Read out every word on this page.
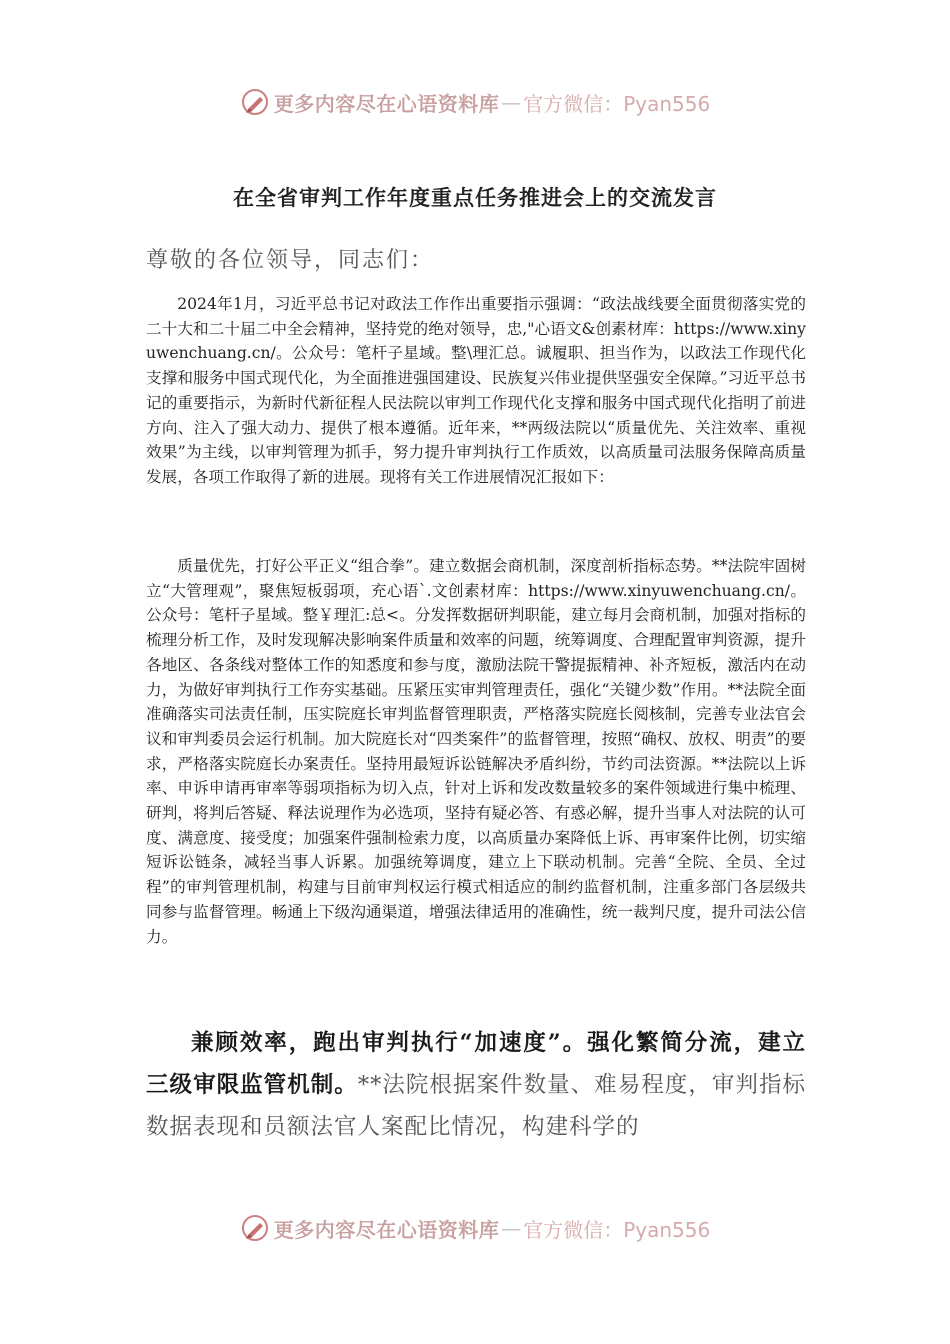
更多内容尽在心语资料库 — 官方微信：Pyan556
在全省审判工作年度重点任务推进会上的交流发言
尊敬的各位领导，同志们：

2024年1月，习近平总书记对政法工作作出重要指示强调：“政法战线要全面贯彻落实党的二十大和二十届二中全会精神，坚持党的绝对领导，忠,"心语文&创素材库：https://www.xinyuwenchuang.cn/。公众号：笔杆子星域。整\理汇总。诚履职、担当作为，以政法工作现代化支撑和服务中国式现代化，为全面推进强国建设、民族复兴伟业提供坚强安全保障。”习近平总书记的重要指示，为新时代新征程人民法院以审判工作现代化支撑和服务中国式现代化指明了前进方向、注入了强大动力、提供了根本遵循。近年来，**两级法院以“质量优先、关注效率、重视效果”为主线，以审判管理为抓手，努力提升审判执行工作质效，以高质量司法服务保障高质量发展，各项工作取得了新的进展。现将有关工作进展情况汇报如下：

质量优先，打好公平正义“组合拳”。建立数据会商机制，深度剖析指标态势。**法院牢固树立“大管理观”，聚焦短板弱项，充心语`.文创素材库：https://www.xinyuwenchuang.cn/。公众号：笔杆子星域。整￥理汇:总<。分发挥数据研判职能，建立每月会商机制，加强对指标的梳理分析工作，及时发现解决影响案件质量和效率的问题，统筹调度、合理配置审判资源，提升各地区、各条线对整体工作的知悉度和参与度，激励法院干警提振精神、补齐短板，激活内在动力，为做好审判执行工作夯实基础。压紧压实审判管理责任，强化“关键少数”作用。**法院全面准确落实司法责任制，压实院庭长审判监督管理职责，严格落实院庭长阅核制，完善专业法官会议和审判委员会运行机制。加大院庭长对“四类案件”的监督管理，按照“确权、放权、明责”的要求，严格落实院庭长办案责任。坚持用最短诉讼链解决矛盾纠纷，节约司法资源。**法院以上诉率、申诉申请再审率等弱项指标为切入点，针对上诉和发改数量较多的案件领域进行集中梳理、研判，将判后答疑、释法说理作为必选项，坚持有疑必答、有惑必解，提升当事人对法院的认可度、满意度、接受度；加强案件强制检索力度，以高质量办案降低上诉、再审案件比例，切实缩短诉讼链条，减轻当事人诉累。加强统筹调度，建立上下联动机制。完善“全院、全员、全过程”的审判管理机制，构建与目前审判权运行模式相适应的制约监督机制，注重多部门各层级共同参与监督管理。畅通上下级沟通渠道，增强法律适用的准确性，统一裁判尺度，提升司法公信力。

兼顾效率，跑出审判执行“加速度”。强化繁简分流，建立三级审限监管机制。**法院根据案件数量、难易程度，审判指标数据表现和员额法官人案配比情况，构建科学的

更多内容尽在心语资料库 — 官方微信：Pyan556
